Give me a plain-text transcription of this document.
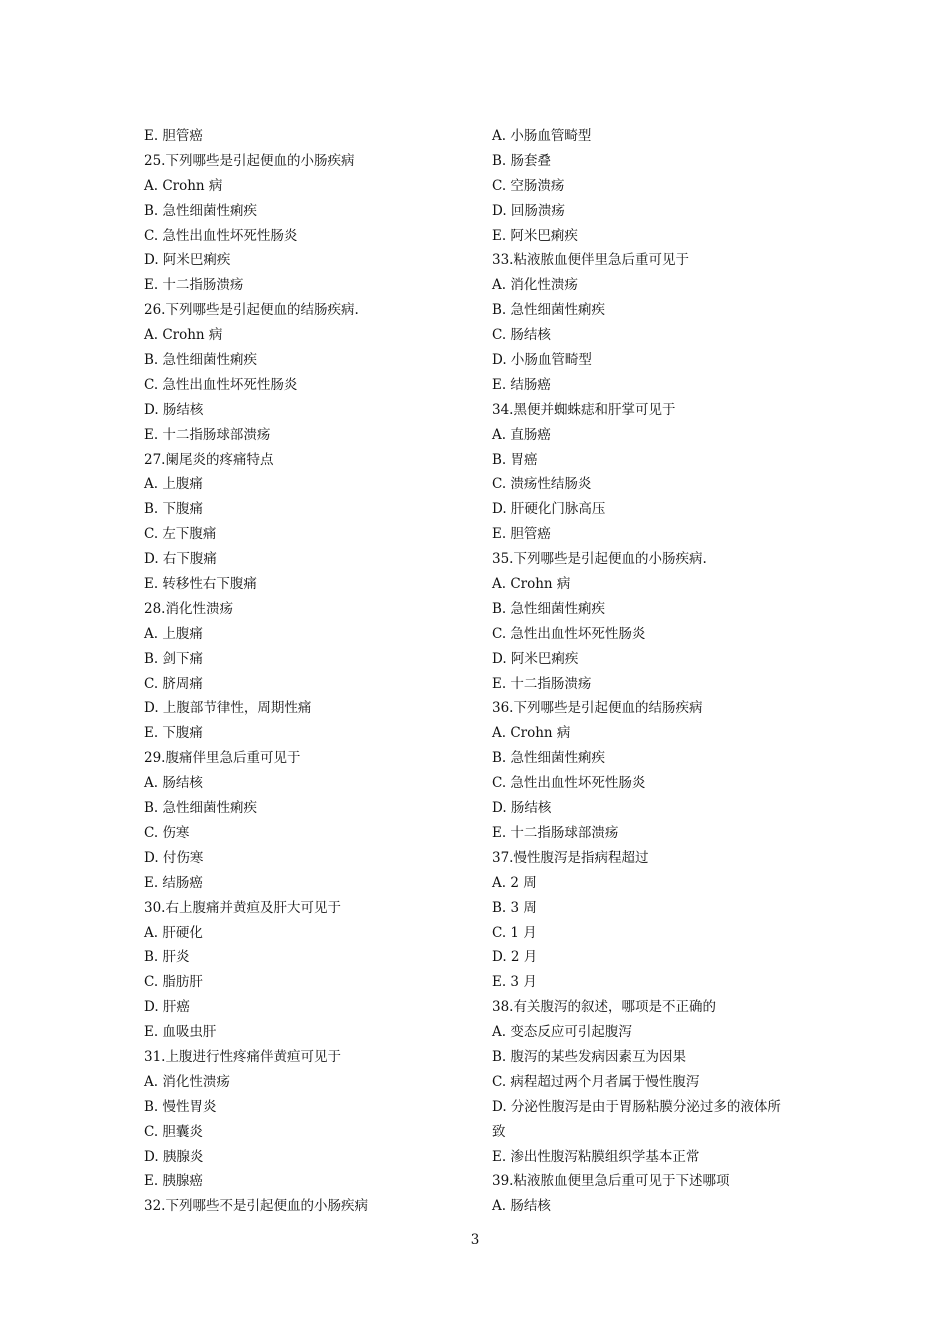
E. 胆管癌
25.下列哪些是引起便血的小肠疾病
A. Crohn 病
B. 急性细菌性痢疾
C. 急性出血性坏死性肠炎
D. 阿米巴痢疾
E. 十二指肠溃疡
26.下列哪些是引起便血的结肠疾病.
A. Crohn 病
B. 急性细菌性痢疾
C. 急性出血性坏死性肠炎
D. 肠结核
E. 十二指肠球部溃疡
27.阑尾炎的疼痛特点
A. 上腹痛
B. 下腹痛
C. 左下腹痛
D. 右下腹痛
E. 转移性右下腹痛
28.消化性溃疡
A. 上腹痛
B. 剑下痛
C. 脐周痛
D. 上腹部节律性，周期性痛
E. 下腹痛
29.腹痛伴里急后重可见于
A. 肠结核
B. 急性细菌性痢疾
C. 伤寒
D. 付伤寒
E. 结肠癌
30.右上腹痛并黄疸及肝大可见于
A. 肝硬化
B. 肝炎
C. 脂肪肝
D. 肝癌
E. 血吸虫肝
31.上腹进行性疼痛伴黄疸可见于
A. 消化性溃疡
B. 慢性胃炎
C. 胆囊炎
D. 胰腺炎
E. 胰腺癌
32.下列哪些不是引起便血的小肠疾病
A. 小肠血管畸型
B. 肠套叠
C. 空肠溃疡
D. 回肠溃疡
E. 阿米巴痢疾
33.粘液脓血便伴里急后重可见于
A. 消化性溃疡
B. 急性细菌性痢疾
C. 肠结核
D. 小肠血管畸型
E. 结肠癌
34.黑便并蜘蛛痣和肝掌可见于
A. 直肠癌
B. 胃癌
C. 溃疡性结肠炎
D. 肝硬化门脉高压
E. 胆管癌
35.下列哪些是引起便血的小肠疾病.
A. Crohn 病
B. 急性细菌性痢疾
C. 急性出血性坏死性肠炎
D. 阿米巴痢疾
E. 十二指肠溃疡
36.下列哪些是引起便血的结肠疾病
A. Crohn 病
B. 急性细菌性痢疾
C. 急性出血性坏死性肠炎
D. 肠结核
E. 十二指肠球部溃疡
37.慢性腹泻是指病程超过
A. 2 周
B. 3 周
C. 1 月
D. 2 月
E. 3 月
38.有关腹泻的叙述，哪项是不正确的
A. 变态反应可引起腹泻
B. 腹泻的某些发病因素互为因果
C. 病程超过两个月者属于慢性腹泻
D. 分泌性腹泻是由于胃肠粘膜分泌过多的液体所
致
E. 渗出性腹泻粘膜组织学基本正常
39.粘液脓血便里急后重可见于下述哪项
A. 肠结核
3
